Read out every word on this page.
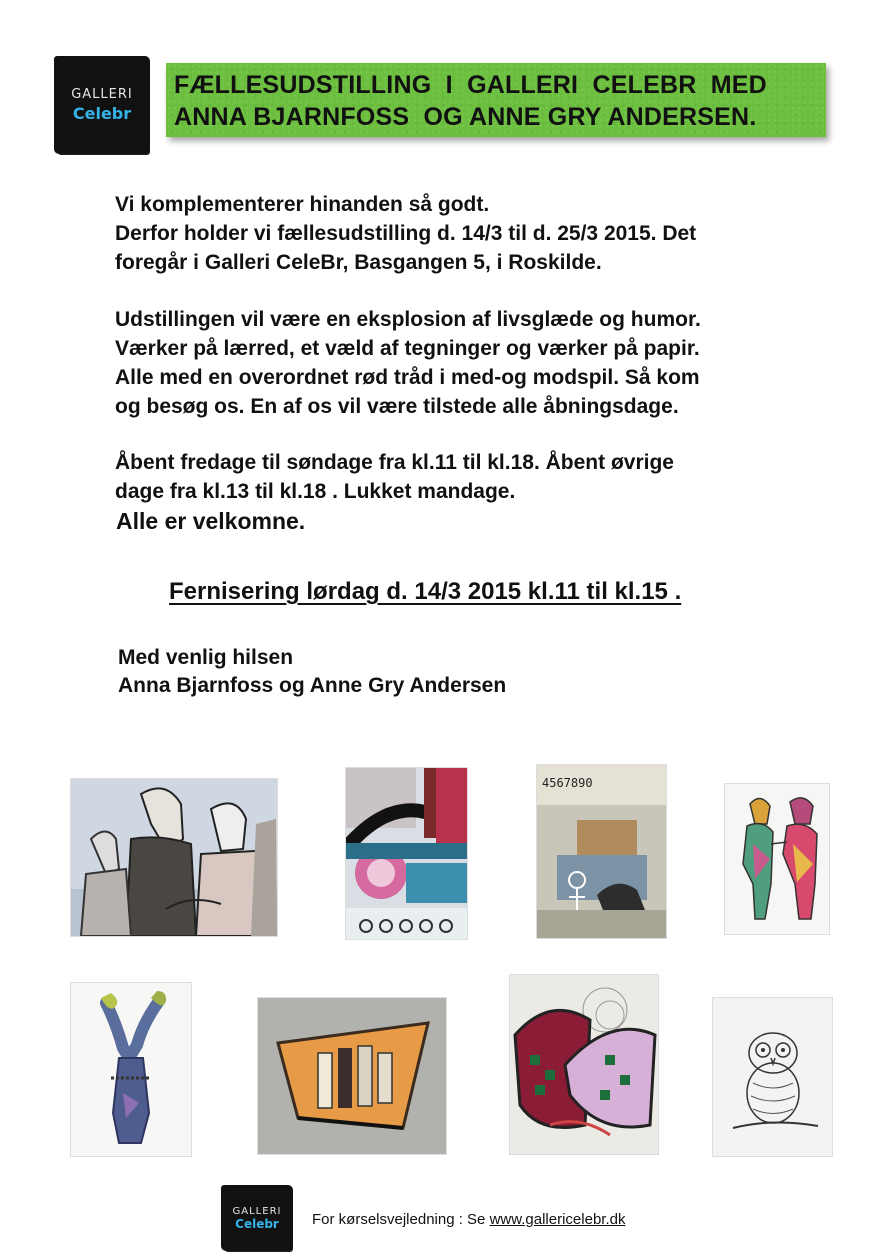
GALLERI
Celebr
FÆLLESUDSTILLING  I  GALLERI  CELEBR  MED
ANNA BJARNFOSS  OG ANNE GRY ANDERSEN.
Vi komplementerer hinanden så godt.
Derfor holder vi fællesudstilling d. 14/3 til d. 25/3 2015. Det
foregår i Galleri CeleBr, Basgangen 5, i Roskilde.
Udstillingen vil være en eksplosion af livsglæde og humor.
Værker på lærred, et væld af tegninger og værker på papir.
Alle med en overordnet rød tråd i med-og modspil. Så kom
og besøg os. En af os vil være tilstede alle åbningsdage.
Åbent fredage til søndage fra kl.11 til kl.18. Åbent øvrige
dage fra kl.13 til kl.18 . Lukket mandage.
Alle er velkomne.
Fernisering lørdag d. 14/3 2015 kl.11 til kl.15 .
Med venlig hilsen
Anna Bjarnfoss og Anne Gry Andersen
4567890
GALLERI
Celebr For kørselsvejledning : Se www.gallericelebr.dk
